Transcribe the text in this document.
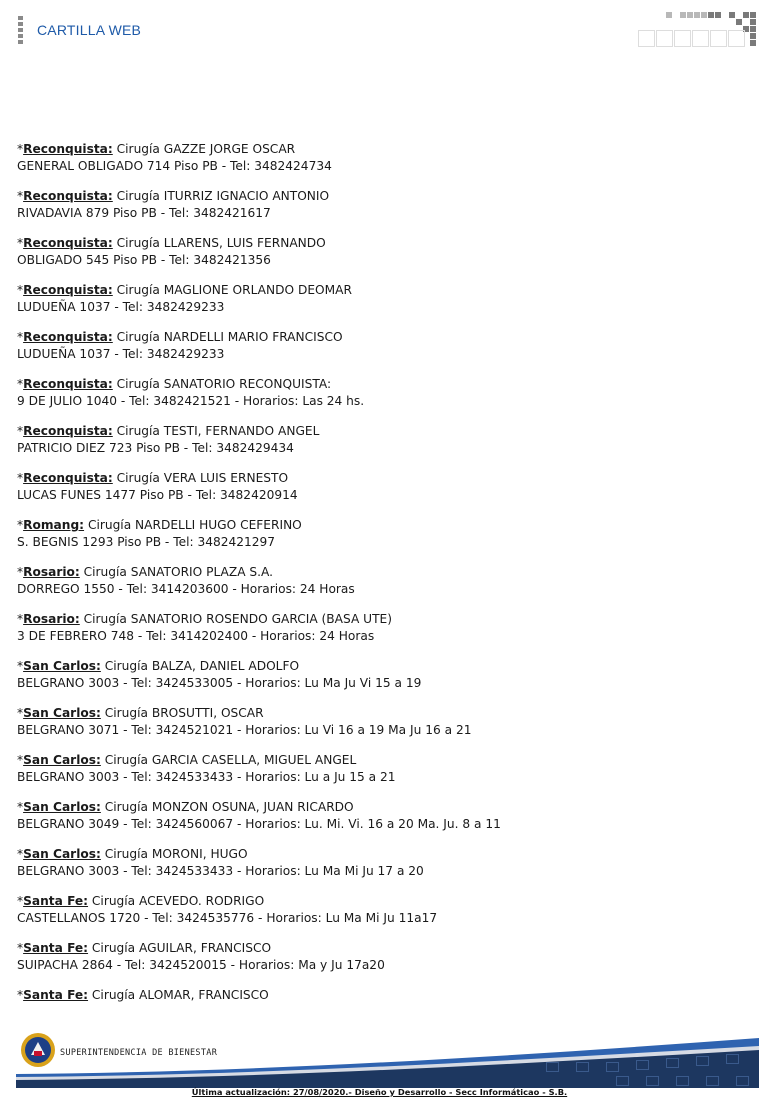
CARTILLA WEB
*Reconquista: Cirugía GAZZE JORGE OSCAR
GENERAL OBLIGADO 714 Piso PB - Tel: 3482424734
*Reconquista: Cirugía ITURRIZ IGNACIO ANTONIO
RIVADAVIA 879 Piso PB - Tel: 3482421617
*Reconquista: Cirugía LLARENS, LUIS FERNANDO
OBLIGADO 545 Piso PB - Tel: 3482421356
*Reconquista: Cirugía MAGLIONE ORLANDO DEOMAR
LUDUEÑA 1037 - Tel: 3482429233
*Reconquista: Cirugía NARDELLI MARIO FRANCISCO
LUDUEÑA 1037 - Tel: 3482429233
*Reconquista: Cirugía SANATORIO RECONQUISTA:
9 DE JULIO 1040 - Tel: 3482421521 - Horarios: Las 24 hs.
*Reconquista: Cirugía TESTI, FERNANDO ANGEL
PATRICIO DIEZ 723 Piso PB - Tel: 3482429434
*Reconquista: Cirugía VERA LUIS ERNESTO
LUCAS FUNES 1477 Piso PB - Tel: 3482420914
*Romang: Cirugía NARDELLI HUGO CEFERINO
S. BEGNIS 1293 Piso PB - Tel: 3482421297
*Rosario: Cirugía SANATORIO PLAZA S.A.
DORREGO 1550 - Tel: 3414203600 - Horarios: 24 Horas
*Rosario: Cirugía SANATORIO ROSENDO GARCIA (BASA UTE)
3 DE FEBRERO 748 - Tel: 3414202400 - Horarios: 24 Horas
*San Carlos: Cirugía BALZA, DANIEL ADOLFO
BELGRANO 3003 - Tel: 3424533005 - Horarios: Lu Ma Ju Vi 15 a 19
*San Carlos: Cirugía BROSUTTI, OSCAR
BELGRANO 3071 - Tel: 3424521021 - Horarios: Lu Vi 16 a 19 Ma Ju 16 a 21
*San Carlos: Cirugía GARCIA CASELLA, MIGUEL ANGEL
BELGRANO 3003 - Tel: 3424533433 - Horarios: Lu a Ju 15 a 21
*San Carlos: Cirugía MONZON OSUNA, JUAN RICARDO
BELGRANO 3049 - Tel: 3424560067 - Horarios: Lu. Mi. Vi. 16 a 20 Ma. Ju. 8 a 11
*San Carlos: Cirugía MORONI, HUGO
BELGRANO 3003 - Tel: 3424533433 - Horarios: Lu Ma Mi Ju 17 a 20
*Santa Fe: Cirugía ACEVEDO. RODRIGO
CASTELLANOS 1720 - Tel: 3424535776 - Horarios: Lu Ma Mi Ju 11a17
*Santa Fe: Cirugía AGUILAR, FRANCISCO
SUIPACHA 2864 - Tel: 3424520015 - Horarios: Ma y Ju 17a20
*Santa Fe: Cirugía ALOMAR, FRANCISCO
SUPERINTENDENCIA DE BIENESTAR
Última actualización: 27/08/2020.- Diseño y Desarrollo - Secc Informáticao - S.B.
